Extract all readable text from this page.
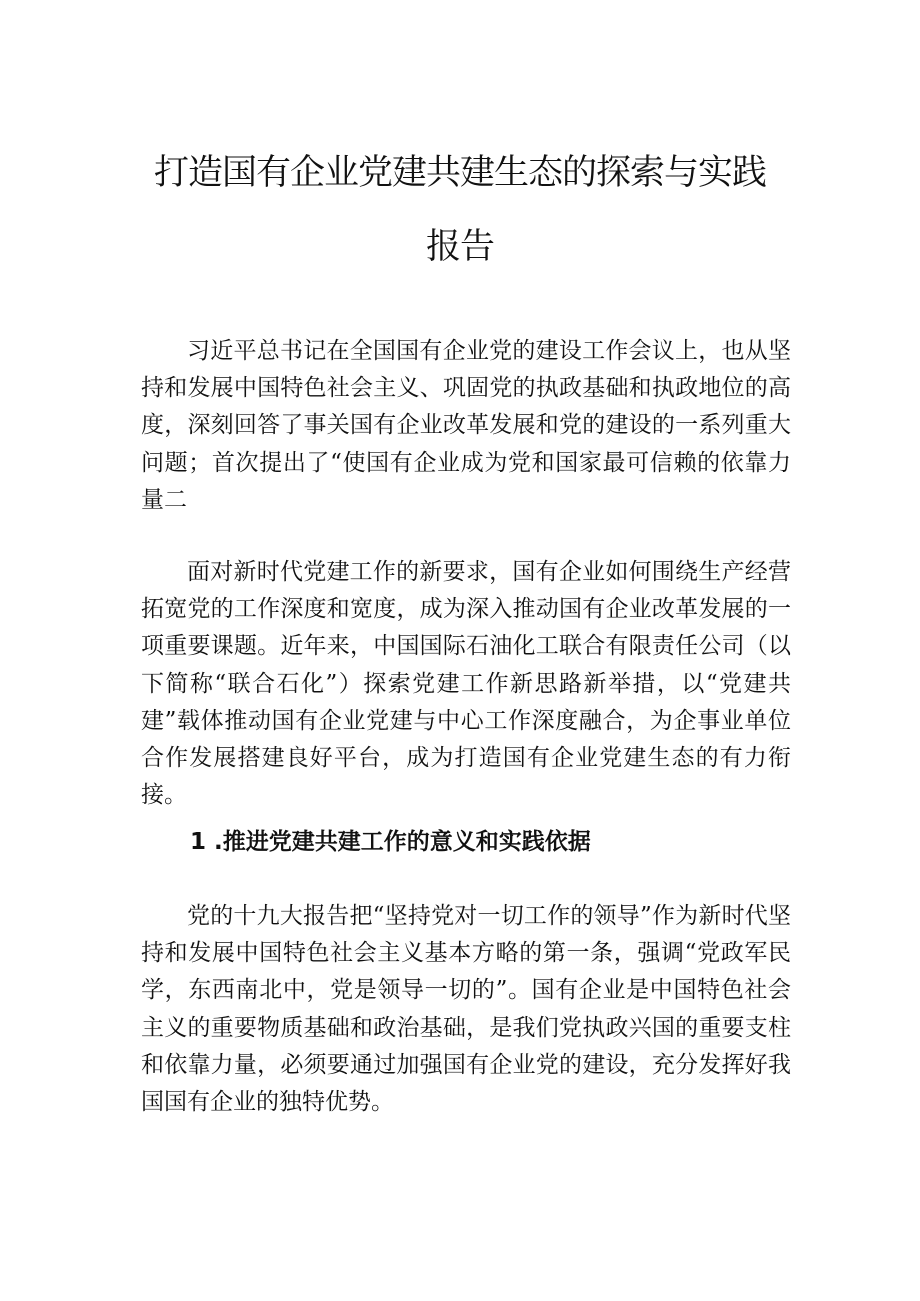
打造国有企业党建共建生态的探索与实践
报告

习近平总书记在全国国有企业党的建设工作会议上，也从坚持和发展中国特色社会主义、巩固党的执政基础和执政地位的高度，深刻回答了事关国有企业改革发展和党的建设的一系列重大问题；首次提出了“使国有企业成为党和国家最可信赖的依靠力量二

面对新时代党建工作的新要求，国有企业如何围绕生产经营拓宽党的工作深度和宽度，成为深入推动国有企业改革发展的一项重要课题。近年来，中国国际石油化工联合有限责任公司（以下简称“联合石化”）探索党建工作新思路新举措，以“党建共建”载体推动国有企业党建与中心工作深度融合，为企事业单位合作发展搭建良好平台，成为打造国有企业党建生态的有力衔接。

1 .推进党建共建工作的意义和实践依据

党的十九大报告把“坚持党对一切工作的领导”作为新时代坚持和发展中国特色社会主义基本方略的第一条，强调“党政军民学，东西南北中，党是领导一切的”。国有企业是中国特色社会主义的重要物质基础和政治基础，是我们党执政兴国的重要支柱和依靠力量，必须要通过加强国有企业党的建设，充分发挥好我国国有企业的独特优势。
